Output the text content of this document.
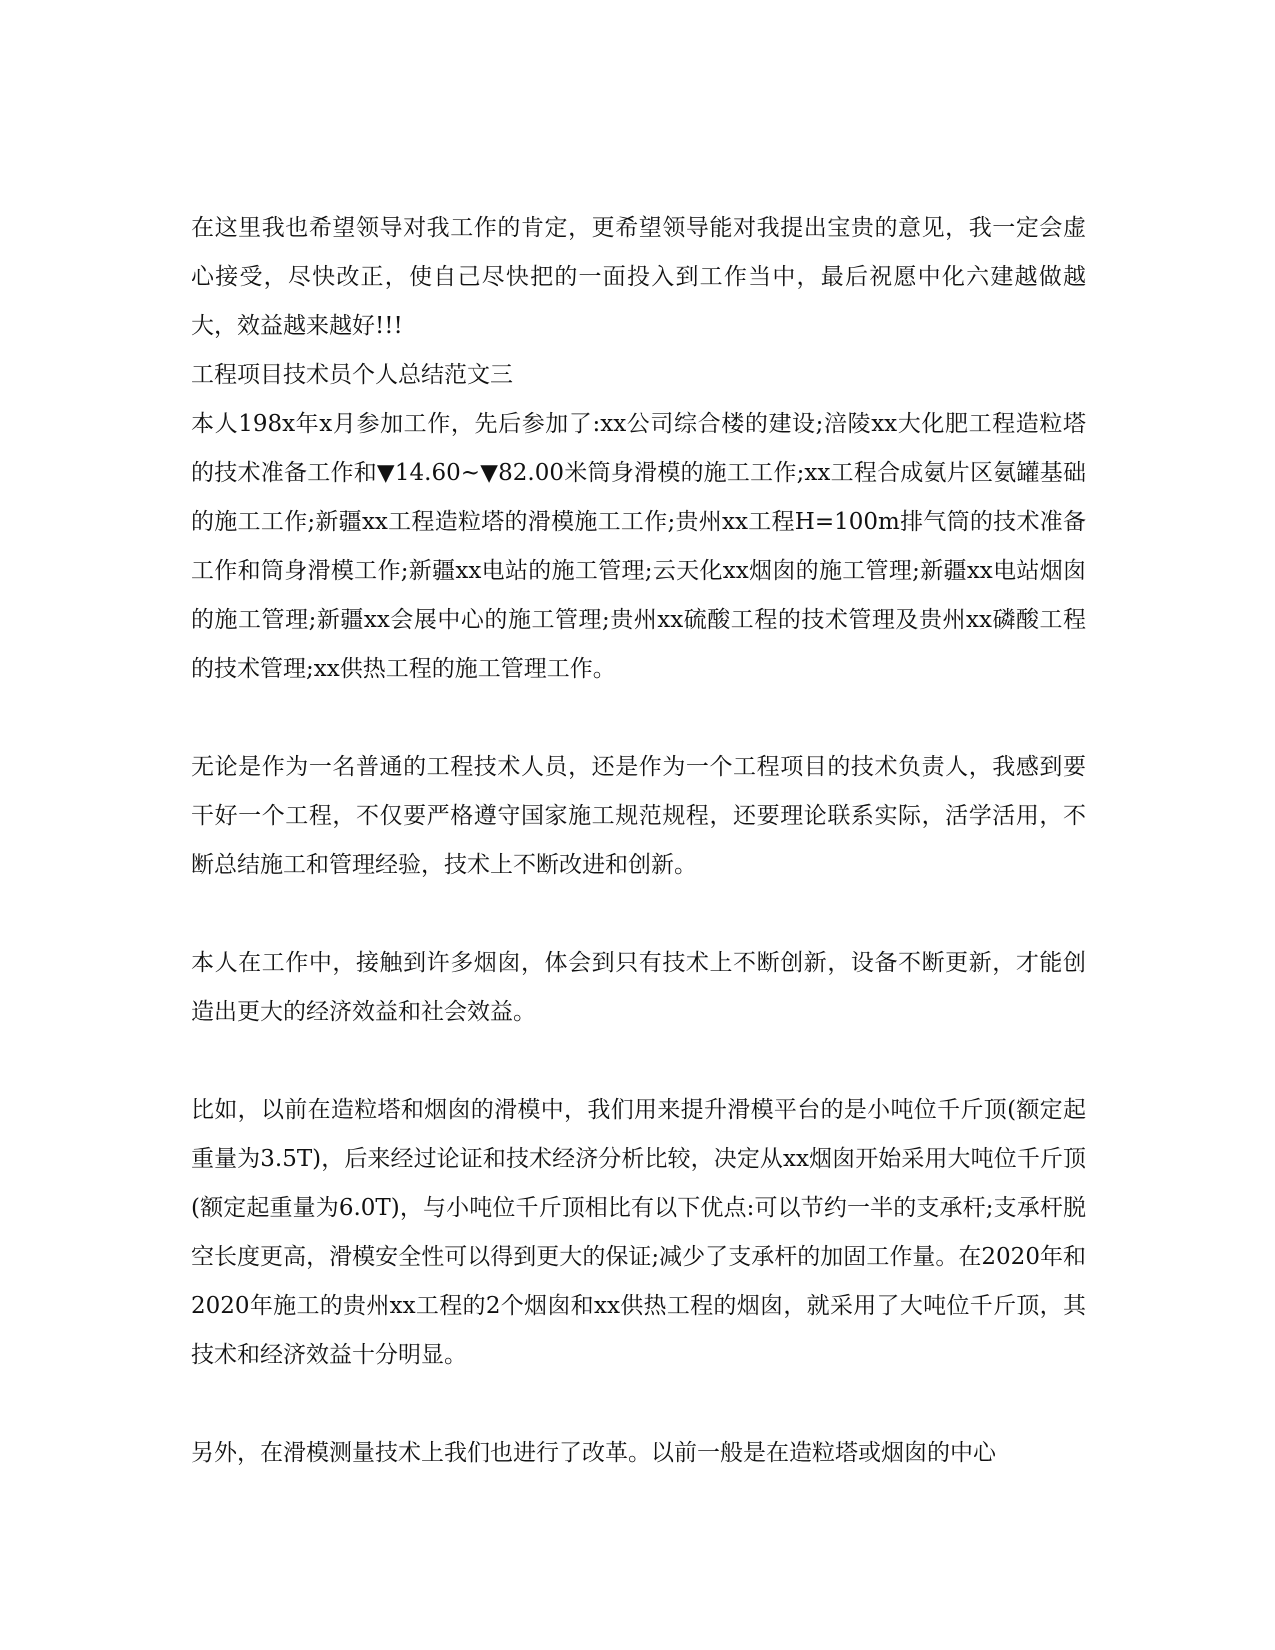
在这里我也希望领导对我工作的肯定，更希望领导能对我提出宝贵的意见，我一定会虚心接受，尽快改正，使自己尽快把的一面投入到工作当中，最后祝愿中化六建越做越大，效益越来越好!!!

工程项目技术员个人总结范文三

本人198x年x月参加工作，先后参加了:xx公司综合楼的建设;涪陵xx大化肥工程造粒塔的技术准备工作和▼14.60~▼82.00米筒身滑模的施工工作;xx工程合成氨片区氨罐基础的施工工作;新疆xx工程造粒塔的滑模施工工作;贵州xx工程H=100m排气筒的技术准备工作和筒身滑模工作;新疆xx电站的施工管理;云天化xx烟囱的施工管理;新疆xx电站烟囱的施工管理;新疆xx会展中心的施工管理;贵州xx硫酸工程的技术管理及贵州xx磷酸工程的技术管理;xx供热工程的施工管理工作。

无论是作为一名普通的工程技术人员，还是作为一个工程项目的技术负责人，我感到要干好一个工程，不仅要严格遵守国家施工规范规程，还要理论联系实际，活学活用，不断总结施工和管理经验，技术上不断改进和创新。

本人在工作中，接触到许多烟囱，体会到只有技术上不断创新，设备不断更新，才能创造出更大的经济效益和社会效益。

比如，以前在造粒塔和烟囱的滑模中，我们用来提升滑模平台的是小吨位千斤顶(额定起重量为3.5T)，后来经过论证和技术经济分析比较，决定从xx烟囱开始采用大吨位千斤顶(额定起重量为6.0T)，与小吨位千斤顶相比有以下优点:可以节约一半的支承杆;支承杆脱空长度更高，滑模安全性可以得到更大的保证;减少了支承杆的加固工作量。在2020年和2020年施工的贵州xx工程的2个烟囱和xx供热工程的烟囱，就采用了大吨位千斤顶，其技术和经济效益十分明显。

另外，在滑模测量技术上我们也进行了改革。以前一般是在造粒塔或烟囱的中心
